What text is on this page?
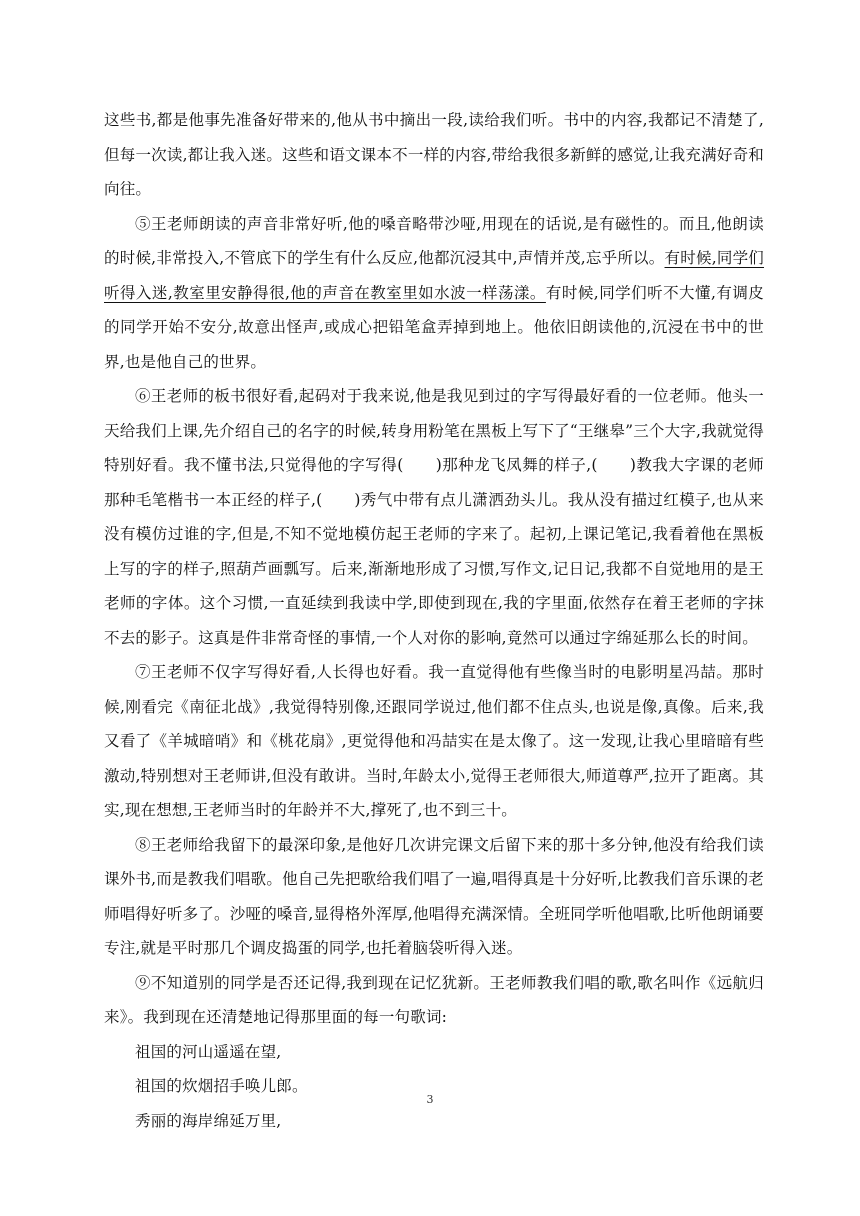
这些书,都是他事先准备好带来的,他从书中摘出一段,读给我们听。书中的内容,我都记不清楚了,但每一次读,都让我入迷。这些和语文课本不一样的内容,带给我很多新鲜的感觉,让我充满好奇和向往。

⑤王老师朗读的声音非常好听,他的嗓音略带沙哑,用现在的话说,是有磁性的。而且,他朗读的时候,非常投入,不管底下的学生有什么反应,他都沉浸其中,声情并茂,忘乎所以。有时候,同学们听得入迷,教室里安静得很,他的声音在教室里如水波一样荡漾。有时候,同学们听不大懂,有调皮的同学开始不安分,故意出怪声,或成心把铅笔盒弄掉到地上。他依旧朗读他的,沉浸在书中的世界,也是他自己的世界。

⑥王老师的板书很好看,起码对于我来说,他是我见到过的字写得最好看的一位老师。他头一天给我们上课,先介绍自己的名字的时候,转身用粉笔在黑板上写下了“王继皋”三个大字,我就觉得特别好看。我不懂书法,只觉得他的字写得(　　)那种龙飞凤舞的样子,(　　)教我大字课的老师那种毛笔楷书一本正经的样子,(　　)秀气中带有点儿潇洒劲头儿。我从没有描过红模子,也从来没有模仿过谁的字,但是,不知不觉地模仿起王老师的字来了。起初,上课记笔记,我看着他在黑板上写的字的样子,照葫芦画瓢写。后来,渐渐地形成了习惯,写作文,记日记,我都不自觉地用的是王老师的字体。这个习惯,一直延续到我读中学,即使到现在,我的字里面,依然存在着王老师的字抹不去的影子。这真是件非常奇怪的事情,一个人对你的影响,竟然可以通过字绵延那么长的时间。

⑦王老师不仅字写得好看,人长得也好看。我一直觉得他有些像当时的电影明星冯喆。那时候,刚看完《南征北战》,我觉得特别像,还跟同学说过,他们都不住点头,也说是像,真像。后来,我又看了《羊城暗哨》和《桃花扇》,更觉得他和冯喆实在是太像了。这一发现,让我心里暗暗有些激动,特别想对王老师讲,但没有敢讲。当时,年龄太小,觉得王老师很大,师道尊严,拉开了距离。其实,现在想想,王老师当时的年龄并不大,撑死了,也不到三十。

⑧王老师给我留下的最深印象,是他好几次讲完课文后留下来的那十多分钟,他没有给我们读课外书,而是教我们唱歌。他自己先把歌给我们唱了一遍,唱得真是十分好听,比教我们音乐课的老师唱得好听多了。沙哑的嗓音,显得格外浑厚,他唱得充满深情。全班同学听他唱歌,比听他朗诵要专注,就是平时那几个调皮捣蛋的同学,也托着脑袋听得入迷。

⑨不知道别的同学是否还记得,我到现在记忆犹新。王老师教我们唱的歌,歌名叫作《远航归来》。我到现在还清楚地记得那里面的每一句歌词:

祖国的河山遥遥在望,

祖国的炊烟招手唤儿郎。

秀丽的海岸绵延万里,

3
